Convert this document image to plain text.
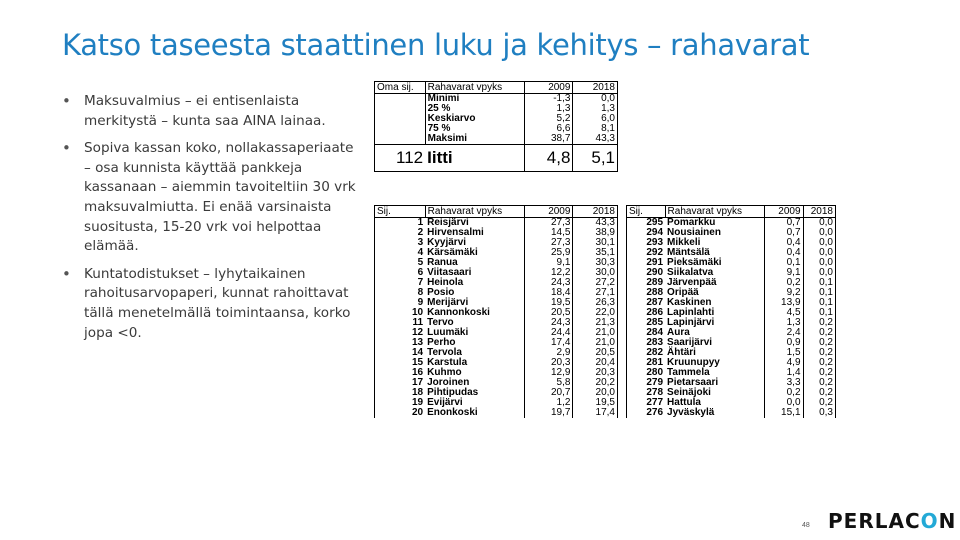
Katso taseesta staattinen luku ja kehitys – rahavarat
• Maksuvalmius – ei entisenlaista merkitystä – kunta saa AINA lainaa.
• Sopiva kassan koko, nollakassaperiaate – osa kunnista käyttää pankkeja kassanaan – aiemmin tavoiteltiin 30 vrk maksuvalmiutta. Ei enää varsinaista suositusta, 15-20 vrk voi helpottaa elämää.
• Kuntatodistukset – lyhytaikainen rahoitusarvopaperi, kunnat rahoittavat tällä menetelmällä toimintaansa, korko jopa <0.
Oma sij.	Rahavarat vpyks	2009	2018
	Minimi	-1,3	0,0
	25 %	1,3	1,3
	Keskiarvo	5,2	6,0
	75 %	6,6	8,1
	Maksimi	38,7	43,3
112	Iitti	4,8	5,1
Sij.	Rahavarat vpyks	2009	2018
1	Reisjärvi	27,3	43,3
2	Hirvensalmi	14,5	38,9
3	Kyyjärvi	27,3	30,1
4	Kärsämäki	25,9	35,1
5	Ranua	9,1	30,3
6	Viitasaari	12,2	30,0
7	Heinola	24,3	27,2
8	Posio	18,4	27,1
9	Merijärvi	19,5	26,3
10	Kannonkoski	20,5	22,0
11	Tervo	24,3	21,3
12	Luumäki	24,4	21,0
13	Perho	17,4	21,0
14	Tervola	2,9	20,5
15	Karstula	20,3	20,4
16	Kuhmo	12,9	20,3
17	Joroinen	5,8	20,2
18	Pihtipudas	20,7	20,0
19	Evijärvi	1,2	19,5
20	Enonkoski	19,7	17,4
Sij.	Rahavarat vpyks	2009	2018
295	Pomarkku	0,7	0,0
294	Nousiainen	0,7	0,0
293	Mikkeli	0,4	0,0
292	Mäntsälä	0,4	0,0
291	Pieksämäki	0,1	0,0
290	Siikalatva	9,1	0,0
289	Järvenpää	0,2	0,1
288	Oripää	9,2	0,1
287	Kaskinen	13,9	0,1
286	Lapinlahti	4,5	0,1
285	Lapinjärvi	1,3	0,2
284	Aura	2,4	0,2
283	Saarijärvi	0,9	0,2
282	Ähtäri	1,5	0,2
281	Kruunupyy	4,9	0,2
280	Tammela	1,4	0,2
279	Pietarsaari	3,3	0,2
278	Seinäjoki	0,2	0,2
277	Hattula	0,0	0,2
276	Jyväskylä	15,1	0,3
48 PERLACON
